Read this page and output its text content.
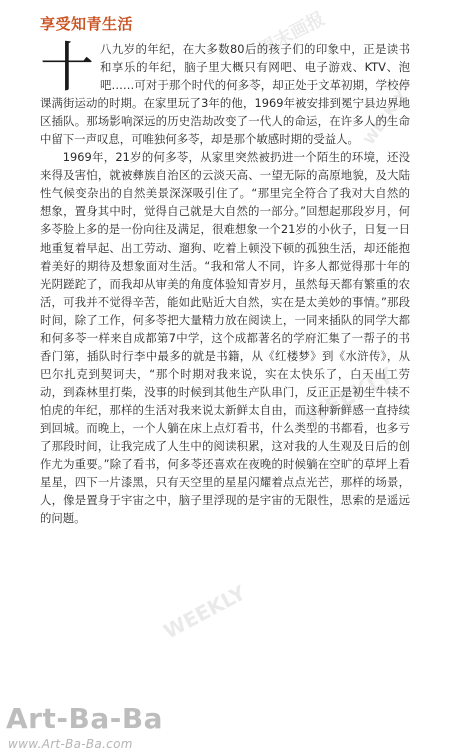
周末画报
WEEKLY
WEEKLY
WEEKLY
享受知青生活
十 八九岁的年纪，在大多数80后的孩子们的印象中，正是读书和享乐的年纪，脑子里大概只有网吧、电子游戏、KTV、泡吧……可对于那个时代的何多苓，却正处于文革初期，学校停课满街运动的时期。在家里玩了3年的他，1969年被安排到冕宁县边界地区插队。那场影响深远的历史浩劫改变了一代人的命运，在许多人的生命中留下一声叹息，可唯独何多苓，却是那个敏感时期的受益人。

1969年，21岁的何多苓，从家里突然被扔进一个陌生的环境，还没来得及害怕，就被彝族自治区的云淡天高、一望无际的高原地貌，及大陆性气候变杂出的自然美景深深吸引住了。“那里完全符合了我对大自然的想象，置身其中时，觉得自己就是大自然的一部分。”回想起那段岁月，何多苓脸上多的是一份向往及满足，很难想象一个21岁的小伙子，日复一日地重复着早起、出工劳动、遛狗、吃着上顿没下顿的孤独生活，却还能抱着美好的期待及想象面对生活。“我和常人不同，许多人都觉得那十年的光阴蹉跎了，而我却从审美的角度体验知青岁月，虽然每天都有繁重的农活，可我并不觉得辛苦，能如此贴近大自然，实在是太美妙的事情。”那段时间，除了工作，何多苓把大量精力放在阅读上，一同来插队的同学大都和何多苓一样来自成都第7中学，这个成都著名的学府汇集了一帮子的书香门第，插队时行李中最多的就是书籍，从《红楼梦》到《水浒传》，从巴尔扎克到契诃夫，“那个时期对我来说，实在太快乐了，白天出工劳动，到森林里打柴，没事的时候到其他生产队串门，反正正是初生牛犊不怕虎的年纪，那样的生活对我来说太新鲜太自由，而这种新鲜感一直持续到回城。而晚上，一个人躺在床上点灯看书，什么类型的书都看，也多亏了那段时间，让我完成了人生中的阅读积累，这对我的人生观及日后的创作尤为重要。”除了看书，何多苓还喜欢在夜晚的时候躺在空旷的草坪上看星星，四下一片漆黑，只有天空里的星星闪耀着点点光芒，那样的场景，人，像是置身于宇宙之中，脑子里浮现的是宇宙的无限性，思索的是遥远的问题。

Art-Ba-Ba
www.Art-Ba-Ba.com
